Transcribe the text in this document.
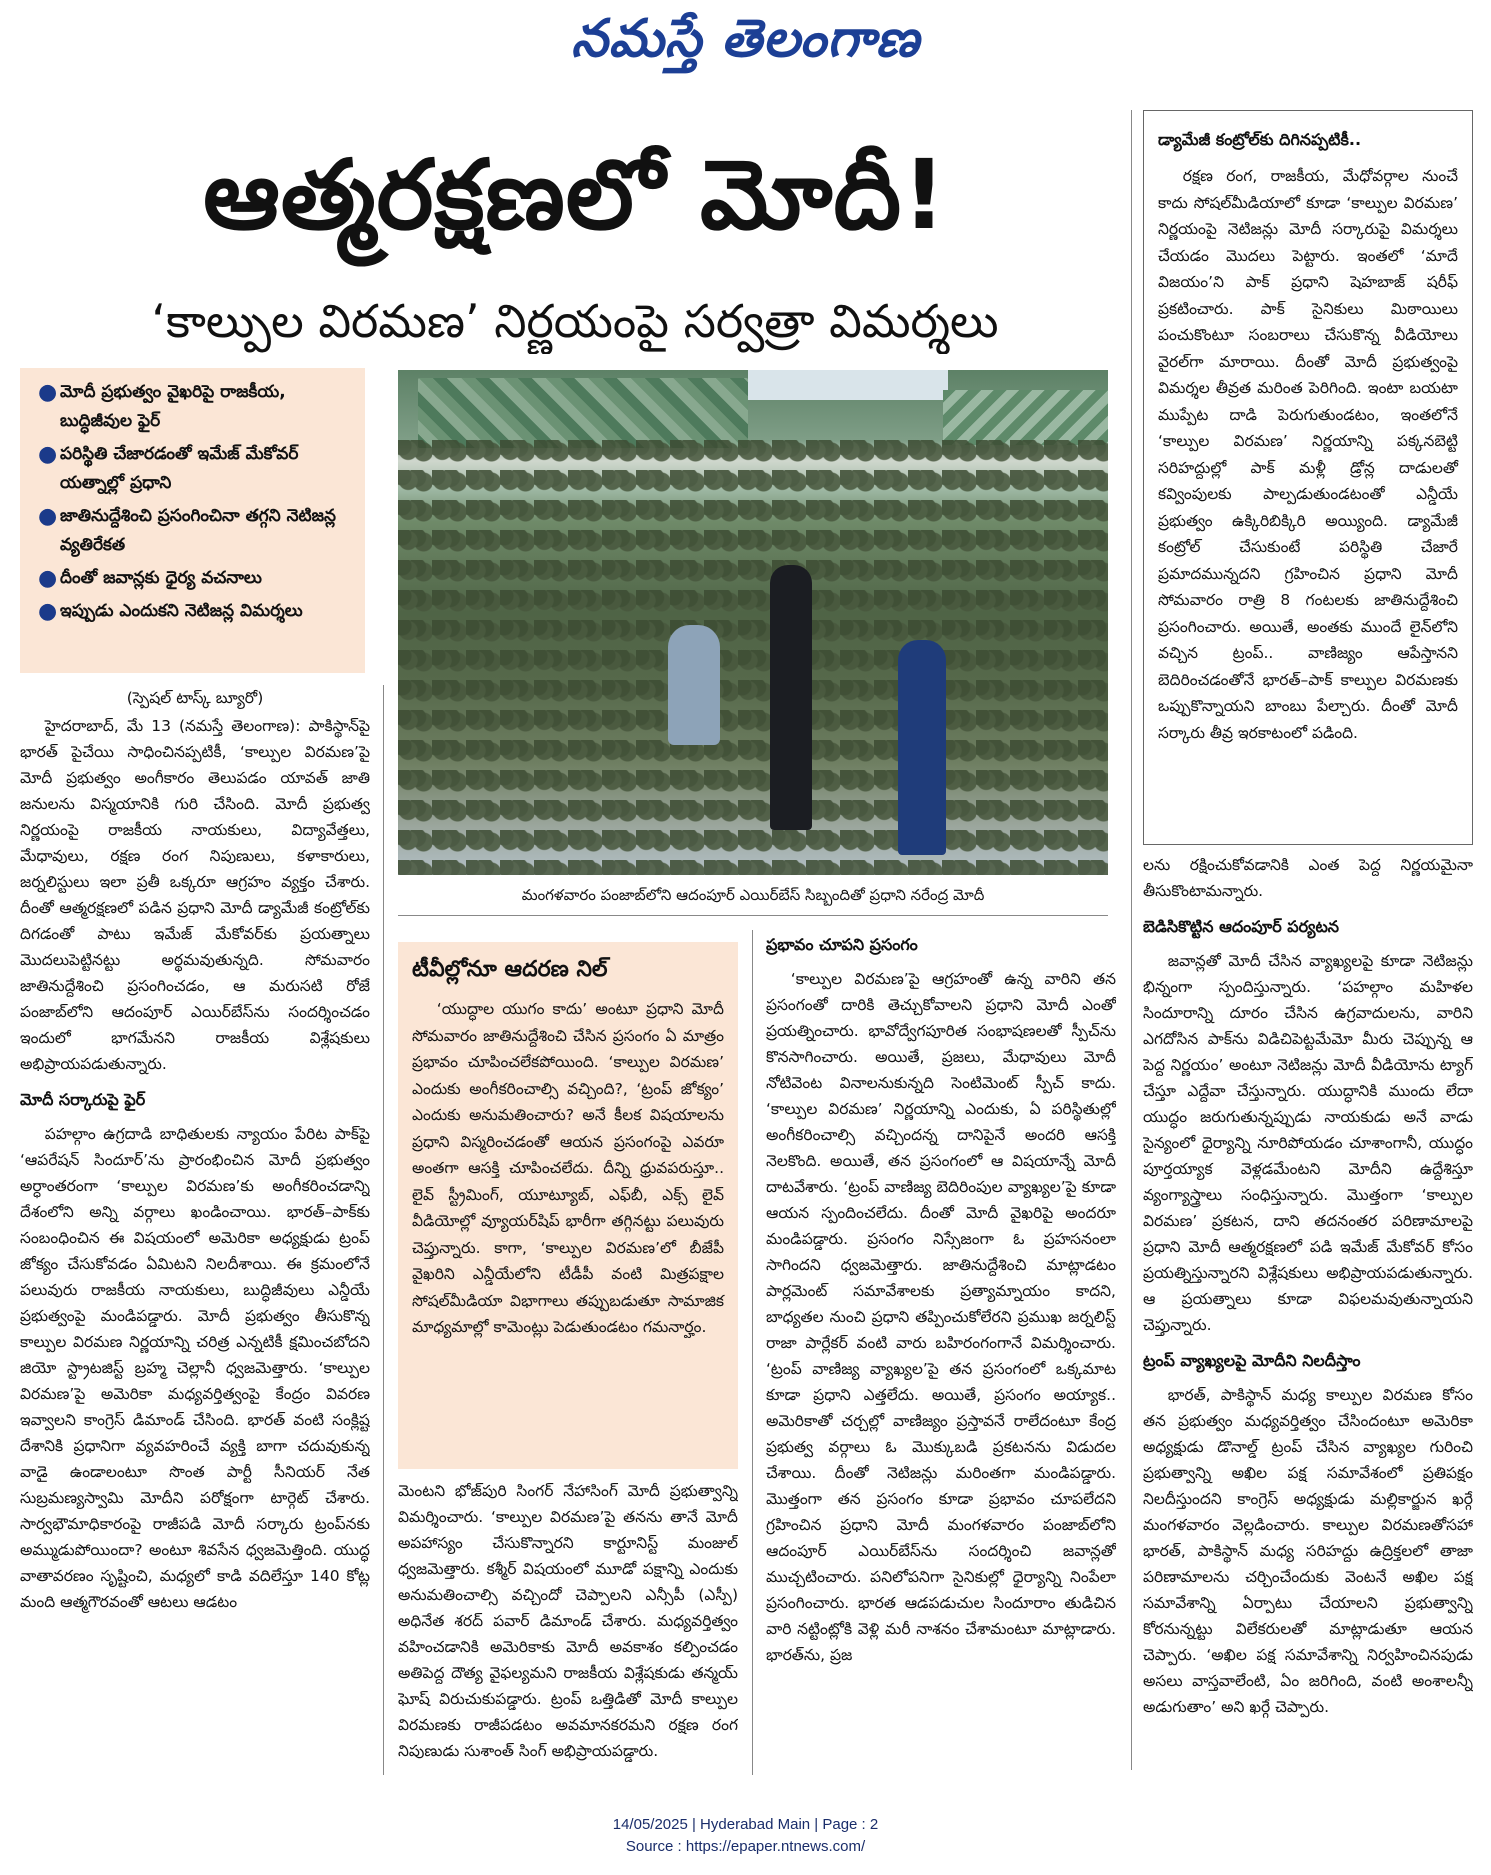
నమస్తే తెలంగాణ
ఆత్మరక్షణలో మోదీ!
‘కాల్పుల విరమణ’ నిర్ణయంపై సర్వత్రా విమర్శలు
● మోదీ ప్రభుత్వం వైఖరిపై రాజకీయ, బుద్ధిజీవుల ఫైర్
● పరిస్థితి చేజారడంతో ఇమేజ్ మేకోవర్ యత్నాల్లో ప్రధాని
● జాతినుద్దేశించి ప్రసంగించినా తగ్గని నెటిజన్ల వ్యతిరేకత
● దీంతో జవాన్లకు ధైర్య వచనాలు
● ఇప్పుడు ఎందుకని నెటిజన్ల విమర్శలు
మంగళవారం పంజాబ్‌లోని ఆదంపూర్ ఎయిర్‌బేస్ సిబ్బందితో ప్రధాని నరేంద్ర మోదీ

(స్పెషల్ టాస్క్ బ్యూరో)

హైదరాబాద్, మే 13 (నమస్తే తెలంగాణ): పాకిస్థాన్‌పై భారత్ పైచేయి సాధించినప్పటికీ, ‘కాల్పుల విరమణ’పై మోదీ ప్రభుత్వం అంగీకారం తెలుపడం యావత్ జాతి జనులను విస్మయానికి గురి చేసింది. మోదీ ప్రభుత్వ నిర్ణయంపై రాజకీయ నాయకులు, విద్యావేత్తలు, మేధావులు, రక్షణ రంగ నిపుణులు, కళాకారులు, జర్నలిస్టులు ఇలా ప్రతీ ఒక్కరూ ఆగ్రహం వ్యక్తం చేశారు. దీంతో ఆత్మరక్షణలో పడిన ప్రధాని మోదీ డ్యామేజీ కంట్రోల్‌కు దిగడంతో పాటు ఇమేజ్ మేకోవర్‌కు ప్రయత్నాలు మొదలుపెట్టినట్టు అర్థమవుతున్నది. సోమవారం జాతినుద్దేశించి ప్రసంగించడం, ఆ మరుసటి రోజే పంజాబ్‌లోని ఆదంపూర్ ఎయిర్‌బేస్‌ను సందర్శించడం ఇందులో భాగమేనని రాజకీయ విశ్లేషకులు అభిప్రాయపడుతున్నారు.

మోదీ సర్కారుపై ఫైర్

పహల్గాం ఉగ్రదాడి బాధితులకు న్యాయం పేరిట పాక్‌పై ‘ఆపరేషన్ సిందూర్’ను ప్రారంభించిన మోదీ ప్రభుత్వం అర్ధాంతరంగా ‘కాల్పుల విరమణ’కు అంగీకరించడాన్ని దేశంలోని అన్ని వర్గాలు ఖండించాయి. భారత్–పాక్‌కు సంబంధించిన ఈ విషయంలో అమెరికా అధ్యక్షుడు ట్రంప్ జోక్యం చేసుకోవడం ఏమిటని నిలదీశాయి. ఈ క్రమంలోనే పలువురు రాజకీయ నాయకులు, బుద్ధిజీవులు ఎన్డీయే ప్రభుత్వంపై మండిపడ్డారు. మోదీ ప్రభుత్వం తీసుకొన్న కాల్పుల విరమణ నిర్ణయాన్ని చరిత్ర ఎన్నటికీ క్షమించబోదని జియో స్ట్రాటజిస్ట్ బ్రహ్మ చెల్లానీ ధ్వజమెత్తారు. ‘కాల్పుల విరమణ’పై అమెరికా మధ్యవర్తిత్వంపై కేంద్రం వివరణ ఇవ్వాలని కాంగ్రెస్ డిమాండ్ చేసింది. భారత్ వంటి సంక్లిష్ట దేశానికి ప్రధానిగా వ్యవహరించే వ్యక్తి బాగా చదువుకున్న వాడై ఉండాలంటూ సొంత పార్టీ సీనియర్ నేత సుబ్రమణ్యస్వామి మోదీని పరోక్షంగా టార్గెట్ చేశారు. సార్వభౌమాధికారంపై రాజీపడి మోదీ సర్కారు ట్రంప్‌నకు అమ్ముడుపోయిందా? అంటూ శివసేన ధ్వజమెత్తింది. యుద్ధ వాతావరణం సృష్టించి, మధ్యలో కాడి వదిలేస్తూ 140 కోట్ల మంది ఆత్మగౌరవంతో ఆటలు ఆడటం

టీవీల్లోనూ ఆదరణ నిల్

‘యుద్ధాల యుగం కాదు’ అంటూ ప్రధాని మోదీ సోమవారం జాతినుద్దేశించి చేసిన ప్రసంగం ఏ మాత్రం ప్రభావం చూపించలేకపోయింది. ‘కాల్పుల విరమణ’ ఎందుకు అంగీకరించాల్సి వచ్చింది?, ‘ట్రంప్ జోక్యం’ ఎందుకు అనుమతించారు? అనే కీలక విషయాలను ప్రధాని విస్మరించడంతో ఆయన ప్రసంగంపై ఎవరూ అంతగా ఆసక్తి చూపించలేదు. దీన్ని ధ్రువపరుస్తూ.. లైవ్ స్ట్రీమింగ్, యూట్యూబ్, ఎఫ్‌బీ, ఎక్స్ లైవ్ వీడియోల్లో వ్యూయర్‌షిప్ భారీగా తగ్గినట్టు పలువురు చెప్తున్నారు. కాగా, ‘కాల్పుల విరమణ’లో బీజేపీ వైఖరిని ఎన్డీయేలోని టీడీపీ వంటి మిత్రపక్షాల సోషల్‌మీడియా విభాగాలు తప్పుబడుతూ సామాజిక మాధ్యమాల్లో కామెంట్లు పెడుతుండటం గమనార్హం.

మెంటని భోజ్‌పురి సింగర్ నేహాసింగ్ మోదీ ప్రభుత్వాన్ని విమర్శించారు. ‘కాల్పుల విరమణ’పై తనను తానే మోదీ అపహాస్యం చేసుకొన్నారని కార్టూనిస్ట్ మంజుల్ ధ్వజమెత్తారు. కశ్మీర్ విషయంలో మూడో పక్షాన్ని ఎందుకు అనుమతించాల్సి వచ్చిందో చెప్పాలని ఎన్సీపీ (ఎస్పీ) అధినేత శరద్ పవార్ డిమాండ్ చేశారు. మధ్యవర్తిత్వం వహించడానికి అమెరికాకు మోదీ అవకాశం కల్పించడం అతిపెద్ద దౌత్య వైఫల్యమని రాజకీయ విశ్లేషకుడు తన్మయ్ ఘోష్ విరుచుకుపడ్డారు. ట్రంప్ ఒత్తిడితో మోదీ కాల్పుల విరమణకు రాజీపడటం అవమానకరమని రక్షణ రంగ నిపుణుడు సుశాంత్ సింగ్ అభిప్రాయపడ్డారు.

ప్రభావం చూపని ప్రసంగం

‘కాల్పుల విరమణ’పై ఆగ్రహంతో ఉన్న వారిని తన ప్రసంగంతో దారికి తెచ్చుకోవాలని ప్రధాని మోదీ ఎంతో ప్రయత్నించారు. భావోద్వేగపూరిత సంభాషణలతో స్పీచ్‌ను కొనసాగించారు. అయితే, ప్రజలు, మేధావులు మోదీ నోటివెంట వినాలనుకున్నది సెంటిమెంట్ స్పీచ్ కాదు. ‘కాల్పుల విరమణ’ నిర్ణయాన్ని ఎందుకు, ఏ పరిస్థితుల్లో అంగీకరించాల్సి వచ్చిందన్న దానిపైనే అందరి ఆసక్తి నెలకొంది. అయితే, తన ప్రసంగంలో ఆ విషయాన్నే మోదీ దాటవేశారు. ‘ట్రంప్ వాణిజ్య బెదిరింపుల వ్యాఖ్యల’పై కూడా ఆయన స్పందించలేదు. దీంతో మోదీ వైఖరిపై అందరూ మండిపడ్డారు. ప్రసంగం నిస్సేజంగా ఓ ప్రహసనంలా సాగిందని ధ్వజమెత్తారు. జాతినుద్దేశించి మాట్లాడటం పార్లమెంట్ సమావేశాలకు ప్రత్యామ్నాయం కాదని, బాధ్యతల నుంచి ప్రధాని తప్పించుకోలేరని ప్రముఖ జర్నలిస్ట్ రాజా పార్లేకర్ వంటి వారు బహిరంగంగానే విమర్శించారు. ‘ట్రంప్ వాణిజ్య వ్యాఖ్యల’పై తన ప్రసంగంలో ఒక్కమాట కూడా ప్రధాని ఎత్తలేదు. అయితే, ప్రసంగం అయ్యాక.. అమెరికాతో చర్చల్లో వాణిజ్యం ప్రస్తావనే రాలేదంటూ కేంద్ర ప్రభుత్వ వర్గాలు ఓ మొక్కుబడి ప్రకటనను విడుదల చేశాయి. దీంతో నెటిజన్లు మరింతగా మండిపడ్డారు. మొత్తంగా తన ప్రసంగం కూడా ప్రభావం చూపలేదని గ్రహించిన ప్రధాని మోదీ మంగళవారం పంజాబ్‌లోని ఆదంపూర్ ఎయిర్‌బేస్‌ను సందర్శించి జవాన్లతో ముచ్చటించారు. పనిలోపనిగా సైనికుల్లో ధైర్యాన్ని నింపేలా ప్రసంగించారు. భారత ఆడపడుచుల సిందూరాం తుడిచిన వారి నట్టింట్లోకి వెళ్లి మరీ నాశనం చేశామంటూ మాట్లాడారు. భారత్‌ను, ప్రజ

డ్యామేజీ కంట్రోల్‌కు దిగినప్పటికీ..

రక్షణ రంగ, రాజకీయ, మేధోవర్గాల నుంచే కాదు సోషల్‌మీడియాలో కూడా ‘కాల్పుల విరమణ’ నిర్ణయంపై నెటిజన్లు మోదీ సర్కారుపై విమర్శలు చేయడం మొదలు పెట్టారు. ఇంతలో ‘మాదే విజయం’ని పాక్ ప్రధాని షెహబాజ్ షరీఫ్ ప్రకటించారు. పాక్ సైనికులు మిఠాయిలు పంచుకొంటూ సంబరాలు చేసుకొన్న వీడియోలు వైరల్‌గా మారాయి. దీంతో మోదీ ప్రభుత్వంపై విమర్శల తీవ్రత మరింత పెరిగింది. ఇంటా బయటా ముప్పేట దాడి పెరుగుతుండటం, ఇంతలోనే ‘కాల్పుల విరమణ’ నిర్ణయాన్ని పక్కనబెట్టి సరిహద్దుల్లో పాక్ మళ్లీ డ్రోన్ల దాడులతో కవ్వింపులకు పాల్పడుతుండటంతో ఎన్డీయే ప్రభుత్వం ఉక్కిరిబిక్కిరి అయ్యింది. డ్యామేజీ కంట్రోల్ చేసుకుంటే పరిస్థితి చేజారే ప్రమాదమున్నదని గ్రహించిన ప్రధాని మోదీ సోమవారం రాత్రి 8 గంటలకు జాతినుద్దేశించి ప్రసంగించారు. అయితే, అంతకు ముందే లైన్‌లోని వచ్చిన ట్రంప్.. వాణిజ్యం ఆపేస్తానని బెదిరించడంతోనే భారత్–పాక్ కాల్పుల విరమణకు ఒప్పుకొన్నాయని బాంబు పేల్చారు. దీంతో మోదీ సర్కారు తీవ్ర ఇరకాటంలో పడింది.

లను రక్షించుకోవడానికి ఎంత పెద్ద నిర్ణయమైనా తీసుకొంటామన్నారు.

బెడిసికొట్టిన ఆదంపూర్ పర్యటన

జవాన్లతో మోదీ చేసిన వ్యాఖ్యలపై కూడా నెటిజన్లు భిన్నంగా స్పందిస్తున్నారు. ‘పహల్గాం మహిళల సిందూరాన్ని దూరం చేసిన ఉగ్రవాదులను, వారిని ఎగదోసిన పాక్‌ను విడిచిపెట్టమేమో మీరు చెప్పున్న ఆ పెద్ద నిర్ణయం’ అంటూ నెటిజన్లు మోదీ వీడియోను ట్యాగ్ చేస్తూ ఎద్దేవా చేస్తున్నారు. యుద్ధానికి ముందు లేదా యుద్ధం జరుగుతున్నప్పుడు నాయకుడు అనే వాడు సైన్యంలో ధైర్యాన్ని నూరిపోయడం చూశాంగానీ, యుద్ధం పూర్తయ్యాక వెళ్లడమేంటని మోదీని ఉద్దేశిస్తూ వ్యంగ్యాస్త్రాలు సంధిస్తున్నారు. మొత్తంగా ‘కాల్పుల విరమణ’ ప్రకటన, దాని తదనంతర పరిణామాలపై ప్రధాని మోదీ ఆత్మరక్షణలో పడి ఇమేజ్ మేకోవర్ కోసం ప్రయత్నిస్తున్నారని విశ్లేషకులు అభిప్రాయపడుతున్నారు. ఆ ప్రయత్నాలు కూడా విఫలమవుతున్నాయని చెప్తున్నారు.

ట్రంప్ వ్యాఖ్యలపై మోదీని నిలదీస్తాం

భారత్, పాకిస్థాన్ మధ్య కాల్పుల విరమణ కోసం తన ప్రభుత్వం మధ్యవర్తిత్వం చేసిందంటూ అమెరికా అధ్యక్షుడు డొనాల్డ్ ట్రంప్ చేసిన వ్యాఖ్యల గురించి ప్రభుత్వాన్ని అఖిల పక్ష సమావేశంలో ప్రతిపక్షం నిలదీస్తుందని కాంగ్రెస్ అధ్యక్షుడు మల్లికార్జున ఖర్గే మంగళవారం వెల్లడించారు. కాల్పుల విరమణతోసహా భారత్, పాకిస్థాన్ మధ్య సరిహద్దు ఉద్రిక్తలలో తాజా పరిణామాలను చర్చించేందుకు వెంటనే అఖిల పక్ష సమావేశాన్ని ఏర్పాటు చేయాలని ప్రభుత్వాన్ని కోరనున్నట్టు విలేకరులతో మాట్లాడుతూ ఆయన చెప్పారు. ‘అఖిల పక్ష సమావేశాన్ని నిర్వహించినపుడు అసలు వాస్తవాలేంటి, ఏం జరిగింది, వంటి అంశాలన్నీ అడుగుతాం’ అని ఖర్గే చెప్పారు.

14/05/2025 | Hyderabad Main | Page : 2
Source : https://epaper.ntnews.com/
